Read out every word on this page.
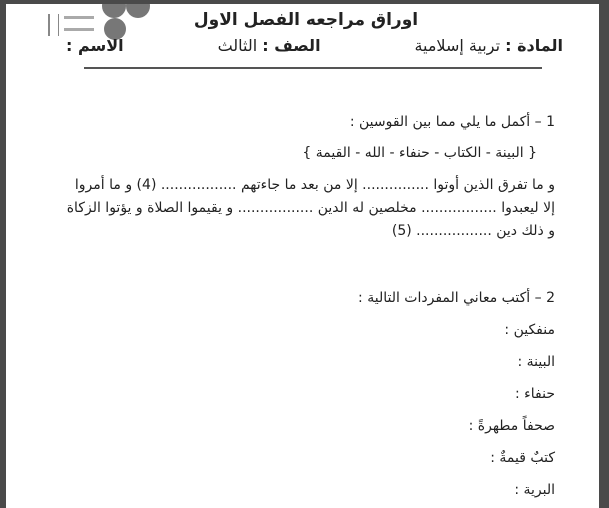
اوراق مراجعه الفصل الاول
المادة : تربية إسلامية
الصف : الثالث
الاسم :
1 – أكمل ما يلي مما بين القوسين :
{ البينة - الكتاب - حنفاء - الله - القيمة }
و ما تفرق الذين أوتوا ............... إلا من بعد ما جاءتهم ................. (4) و ما أمروا
إلا ليعبدوا ................. مخلصين له الدين ................. و يقيموا الصلاة و يؤتوا الزكاة
و ذلك دين ................. (5)
2 – أكتب معاني المفردات التالية :
منفكين :
البينة :
حنفاء :
صحفاً مطهرةً :
كتبٌ قيمةٌ :
البرية :
